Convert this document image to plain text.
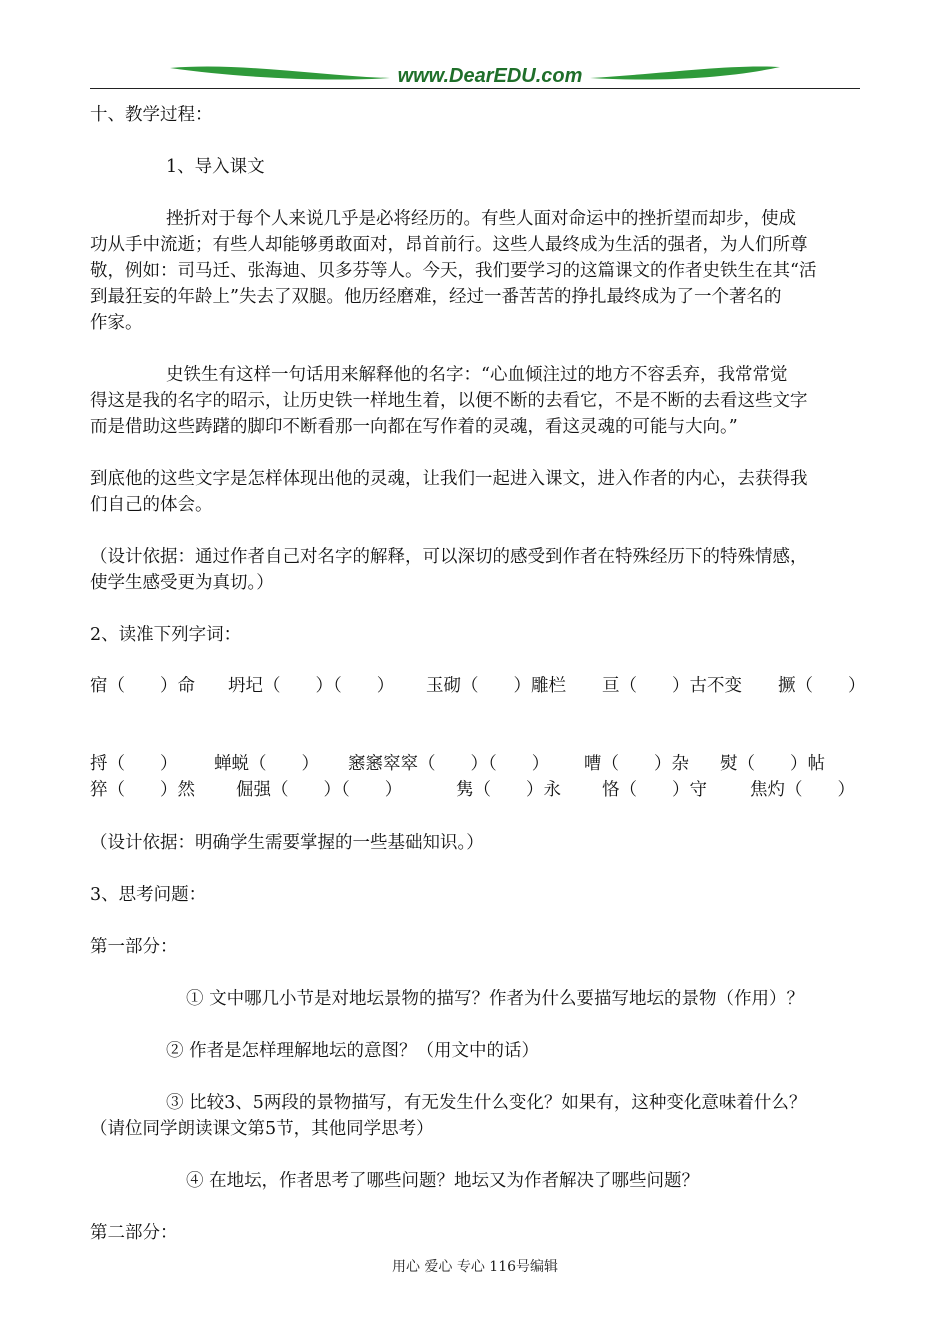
www.DearEDU.com

十、教学过程：

1、导入课文

挫折对于每个人来说几乎是必将经历的。有些人面对命运中的挫折望而却步，使成

功从手中流逝；有些人却能够勇敢面对，昂首前行。这些人最终成为生活的强者，为人们所尊

敬，例如：司马迁、张海迪、贝多芬等人。今天，我们要学习的这篇课文的作者史铁生在其“活

到最狂妄的年龄上”失去了双腿。他历经磨难，经过一番苦苦的挣扎最终成为了一个著名的

作家。

史铁生有这样一句话用来解释他的名字：“心血倾注过的地方不容丢弃，我常常觉

得这是我的名字的昭示，让历史铁一样地生着，以便不断的去看它，不是不断的去看这些文字

而是借助这些踌躇的脚印不断看那一向都在写作着的灵魂，看这灵魂的可能与大向。”

到底他的这些文字是怎样体现出他的灵魂，让我们一起进入课文，进入作者的内心，去获得我

们自己的体会。

（设计依据：通过作者自己对名字的解释，可以深切的感受到作者在特殊经历下的特殊情感，

使学生感受更为真切。）

2、读准下列字词：

宿（　　）命 坍圮（　　）（　　） 玉砌（　　）雕栏 亘（　　）古不变 撅（　　）
捋（　　） 蝉蜕（　　） 窸窸窣窣（　　）（　　） 嘈（　　）杂 熨（　　）帖
猝（　　）然 倔强（　　）（　　）	隽（　　）永 恪（　　）守 焦灼（　　）

（设计依据：明确学生需要掌握的一些基础知识。）

3、思考问题：

第一部分：

① 文中哪几小节是对地坛景物的描写？作者为什么要描写地坛的景物（作用）？

② 作者是怎样理解地坛的意图？（用文中的话）

③ 比较3、5两段的景物描写，有无发生什么变化？如果有，这种变化意味着什么？

（请位同学朗读课文第5节，其他同学思考）

④ 在地坛，作者思考了哪些问题？地坛又为作者解决了哪些问题？

第二部分：

用心 爱心 专心 116号编辑
